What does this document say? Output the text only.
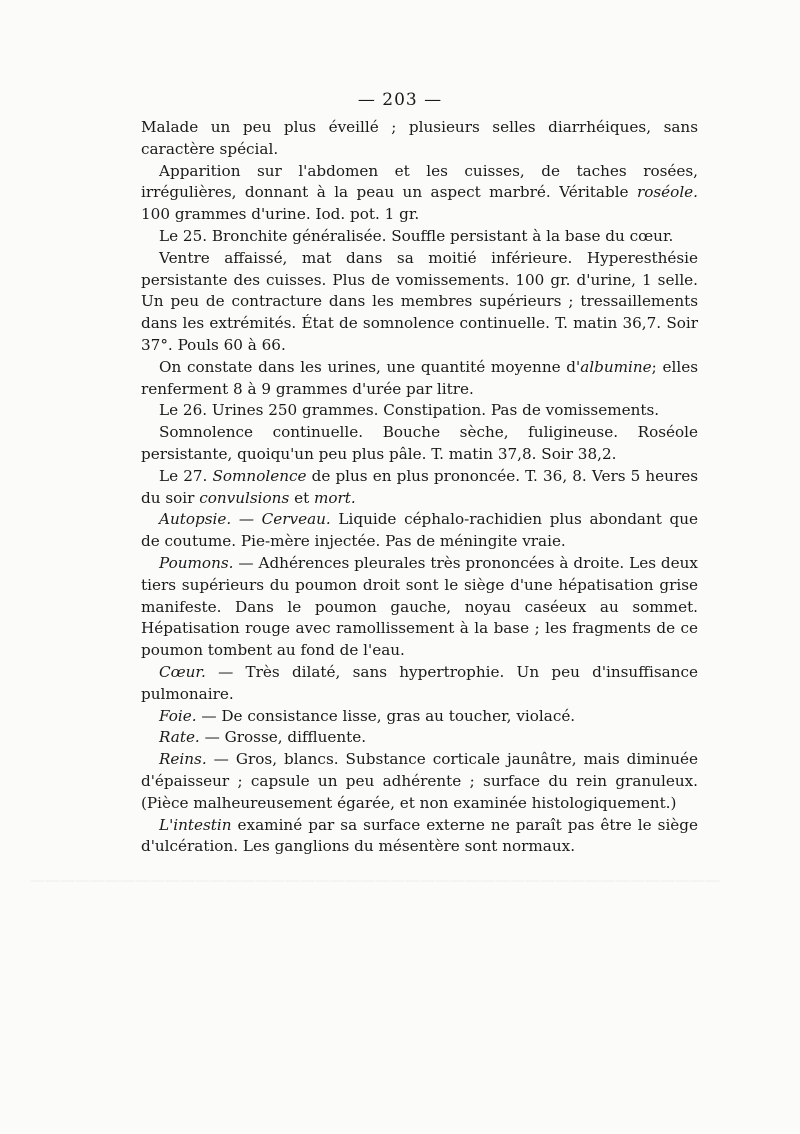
——————————————————————————————————————————————
— 203 —

Malade un peu plus éveillé ; plusieurs selles diarrhéiques, sans caractère spécial.

Apparition sur l'abdomen et les cuisses, de taches rosées, irrégulières, donnant à la peau un aspect marbré. Véritable roséole. 100 grammes d'urine. Iod. pot. 1 gr.

Le 25. Bronchite généralisée. Souffle persistant à la base du cœur.

Ventre affaissé, mat dans sa moitié inférieure. Hyperesthésie persistante des cuisses. Plus de vomissements. 100 gr. d'urine, 1 selle. Un peu de contracture dans les membres supérieurs ; tressaillements dans les extrémités. État de somnolence continuelle. T. matin 36,7. Soir 37°. Pouls 60 à 66.

On constate dans les urines, une quantité moyenne d'albumine; elles renferment 8 à 9 grammes d'urée par litre.

Le 26. Urines 250 grammes. Constipation. Pas de vomissements.

Somnolence continuelle. Bouche sèche, fuligineuse. Roséole persistante, quoiqu'un peu plus pâle. T. matin 37,8. Soir 38,2.

Le 27. Somnolence de plus en plus prononcée. T. 36, 8. Vers 5 heures du soir convulsions et mort.

Autopsie. — Cerveau. Liquide céphalo-rachidien plus abondant que de coutume. Pie-mère injectée. Pas de méningite vraie.

Poumons. — Adhérences pleurales très prononcées à droite. Les deux tiers supérieurs du poumon droit sont le siège d'une hépatisation grise manifeste. Dans le poumon gauche, noyau caséeux au sommet. Hépatisation rouge avec ramollissement à la base ; les fragments de ce poumon tombent au fond de l'eau.

Cœur. — Très dilaté, sans hypertrophie. Un peu d'insuffisance pulmonaire.

Foie. — De consistance lisse, gras au toucher, violacé.

Rate. — Grosse, diffluente.

Reins. — Gros, blancs. Substance corticale jaunâtre, mais diminuée d'épaisseur ; capsule un peu adhérente ; surface du rein granuleux. (Pièce malheureusement égarée, et non examinée histologiquement.)

L'intestin examiné par sa surface externe ne paraît pas être le siège d'ulcération. Les ganglions du mésentère sont normaux.
